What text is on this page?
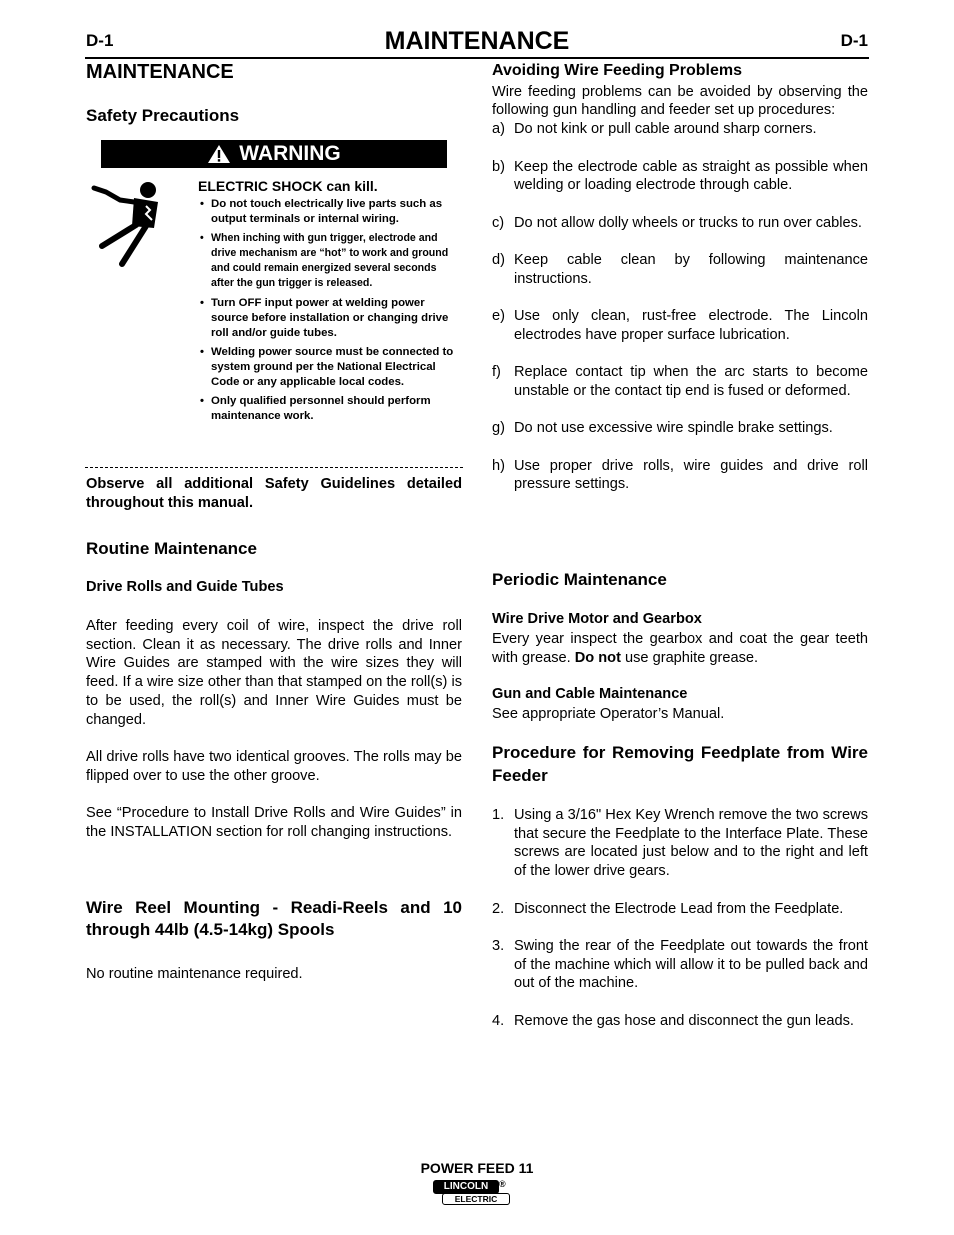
D-1	MAINTENANCE	D-1
MAINTENANCE
Safety Precautions
WARNING
ELECTRIC SHOCK can kill.
• Do not touch electrically live parts such as output terminals or internal wiring.
• When inching with gun trigger, electrode and drive mechanism are “hot” to work and ground and could remain energized several seconds after the gun trigger is released.
• Turn OFF input power at welding power source before installation or changing drive roll and/or guide tubes.
• Welding power source must be connected to system ground per the National Electrical Code or any applicable local codes.
• Only qualified personnel should perform maintenance work.

Observe all additional Safety Guidelines detailed throughout this manual.

Routine Maintenance
Drive Rolls and Guide Tubes

After feeding every coil of wire, inspect the drive roll section. Clean it as necessary. The drive rolls and Inner Wire Guides are stamped with the wire sizes they will feed. If a wire size other than that stamped on the roll(s) is to be used, the roll(s) and Inner Wire Guides must be changed.

All drive rolls have two identical grooves. The rolls may be flipped over to use the other groove.

See “Procedure to Install Drive Rolls and Wire Guides” in the INSTALLATION section for roll changing instructions.

Wire Reel Mounting - Readi-Reels and 10 through 44lb (4.5-14kg) Spools

No routine maintenance required.

Avoiding Wire Feeding Problems

Wire feeding problems can be avoided by observing the following gun handling and feeder set up procedures:

a) Do not kink or pull cable around sharp corners.
b) Keep the electrode cable as straight as possible when welding or loading electrode through cable.
c) Do not allow dolly wheels or trucks to run over cables.
d) Keep cable clean by following maintenance instructions.
e) Use only clean, rust-free electrode. The Lincoln electrodes have proper surface lubrication.
f) Replace contact tip when the arc starts to become unstable or the contact tip end is fused or deformed.
g) Do not use excessive wire spindle brake settings.
h) Use proper drive rolls, wire guides and drive roll pressure settings.
Periodic Maintenance
Wire Drive Motor and Gearbox

Every year inspect the gearbox and coat the gear teeth with grease. Do not use graphite grease.

Gun and Cable Maintenance

See appropriate Operator’s Manual.

Procedure for Removing Feedplate from Wire Feeder

1. Using a 3/16" Hex Key Wrench remove the two screws that secure the Feedplate to the Interface Plate. These screws are located just below and to the right and left of the lower drive gears.
2. Disconnect the Electrode Lead from the Feedplate.
3. Swing the rear of the Feedplate out towards the front of the machine which will allow it to be pulled back and out of the machine.
4. Remove the gas hose and disconnect the gun leads.
POWER FEED 11
LINCOLN	®
ELECTRIC
